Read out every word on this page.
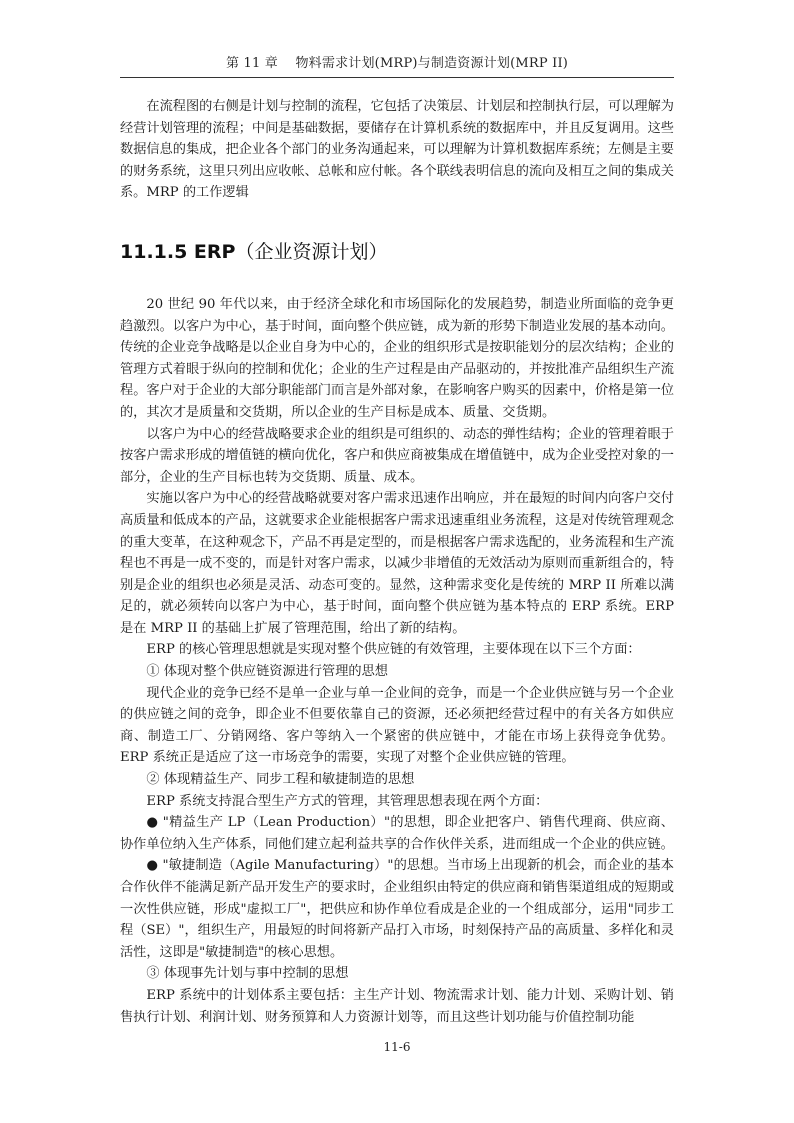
第 11 章　 物料需求计划(MRP)与制造资源计划(MRP II)

在流程图的右侧是计划与控制的流程，它包括了决策层、计划层和控制执行层，可以理解为经营计划管理的流程；中间是基础数据，要储存在计算机系统的数据库中，并且反复调用。这些数据信息的集成，把企业各个部门的业务沟通起来，可以理解为计算机数据库系统；左侧是主要的财务系统，这里只列出应收帐、总帐和应付帐。各个联线表明信息的流向及相互之间的集成关系。MRP 的工作逻辑

11.1.5 ERP（企业资源计划）

20 世纪 90 年代以来，由于经济全球化和市场国际化的发展趋势，制造业所面临的竞争更趋激烈。以客户为中心，基于时间，面向整个供应链，成为新的形势下制造业发展的基本动向。传统的企业竞争战略是以企业自身为中心的，企业的组织形式是按职能划分的层次结构；企业的管理方式着眼于纵向的控制和优化；企业的生产过程是由产品驱动的，并按批准产品组织生产流程。客户对于企业的大部分职能部门而言是外部对象，在影响客户购买的因素中，价格是第一位的，其次才是质量和交货期，所以企业的生产目标是成本、质量、交货期。

以客户为中心的经营战略要求企业的组织是可组织的、动态的弹性结构；企业的管理着眼于按客户需求形成的增值链的横向优化，客户和供应商被集成在增值链中，成为企业受控对象的一部分，企业的生产目标也转为交货期、质量、成本。

实施以客户为中心的经营战略就要对客户需求迅速作出响应，并在最短的时间内向客户交付高质量和低成本的产品，这就要求企业能根据客户需求迅速重组业务流程，这是对传统管理观念的重大变革，在这种观念下，产品不再是定型的，而是根据客户需求选配的，业务流程和生产流程也不再是一成不变的，而是针对客户需求，以减少非增值的无效活动为原则而重新组合的，特别是企业的组织也必须是灵活、动态可变的。显然，这种需求变化是传统的 MRP II 所难以满足的，就必须转向以客户为中心，基于时间，面向整个供应链为基本特点的 ERP 系统。ERP 是在 MRP II 的基础上扩展了管理范围，给出了新的结构。

ERP 的核心管理思想就是实现对整个供应链的有效管理，主要体现在以下三个方面：

① 体现对整个供应链资源进行管理的思想

现代企业的竞争已经不是单一企业与单一企业间的竞争，而是一个企业供应链与另一个企业的供应链之间的竞争，即企业不但要依靠自己的资源，还必须把经营过程中的有关各方如供应商、制造工厂、分销网络、客户等纳入一个紧密的供应链中，才能在市场上获得竞争优势。ERP 系统正是适应了这一市场竞争的需要，实现了对整个企业供应链的管理。

② 体现精益生产、同步工程和敏捷制造的思想

ERP 系统支持混合型生产方式的管理，其管理思想表现在两个方面：

● "精益生产 LP（Lean Production）"的思想，即企业把客户、销售代理商、供应商、协作单位纳入生产体系，同他们建立起利益共享的合作伙伴关系，进而组成一个企业的供应链。

● "敏捷制造（Agile Manufacturing）"的思想。当市场上出现新的机会，而企业的基本合作伙伴不能满足新产品开发生产的要求时，企业组织由特定的供应商和销售渠道组成的短期或一次性供应链，形成"虚拟工厂"，把供应和协作单位看成是企业的一个组成部分，运用"同步工程（SE）"，组织生产，用最短的时间将新产品打入市场，时刻保持产品的高质量、多样化和灵活性，这即是"敏捷制造"的核心思想。

③ 体现事先计划与事中控制的思想

ERP 系统中的计划体系主要包括：主生产计划、物流需求计划、能力计划、采购计划、销售执行计划、利润计划、财务预算和人力资源计划等，而且这些计划功能与价值控制功能

11-6
